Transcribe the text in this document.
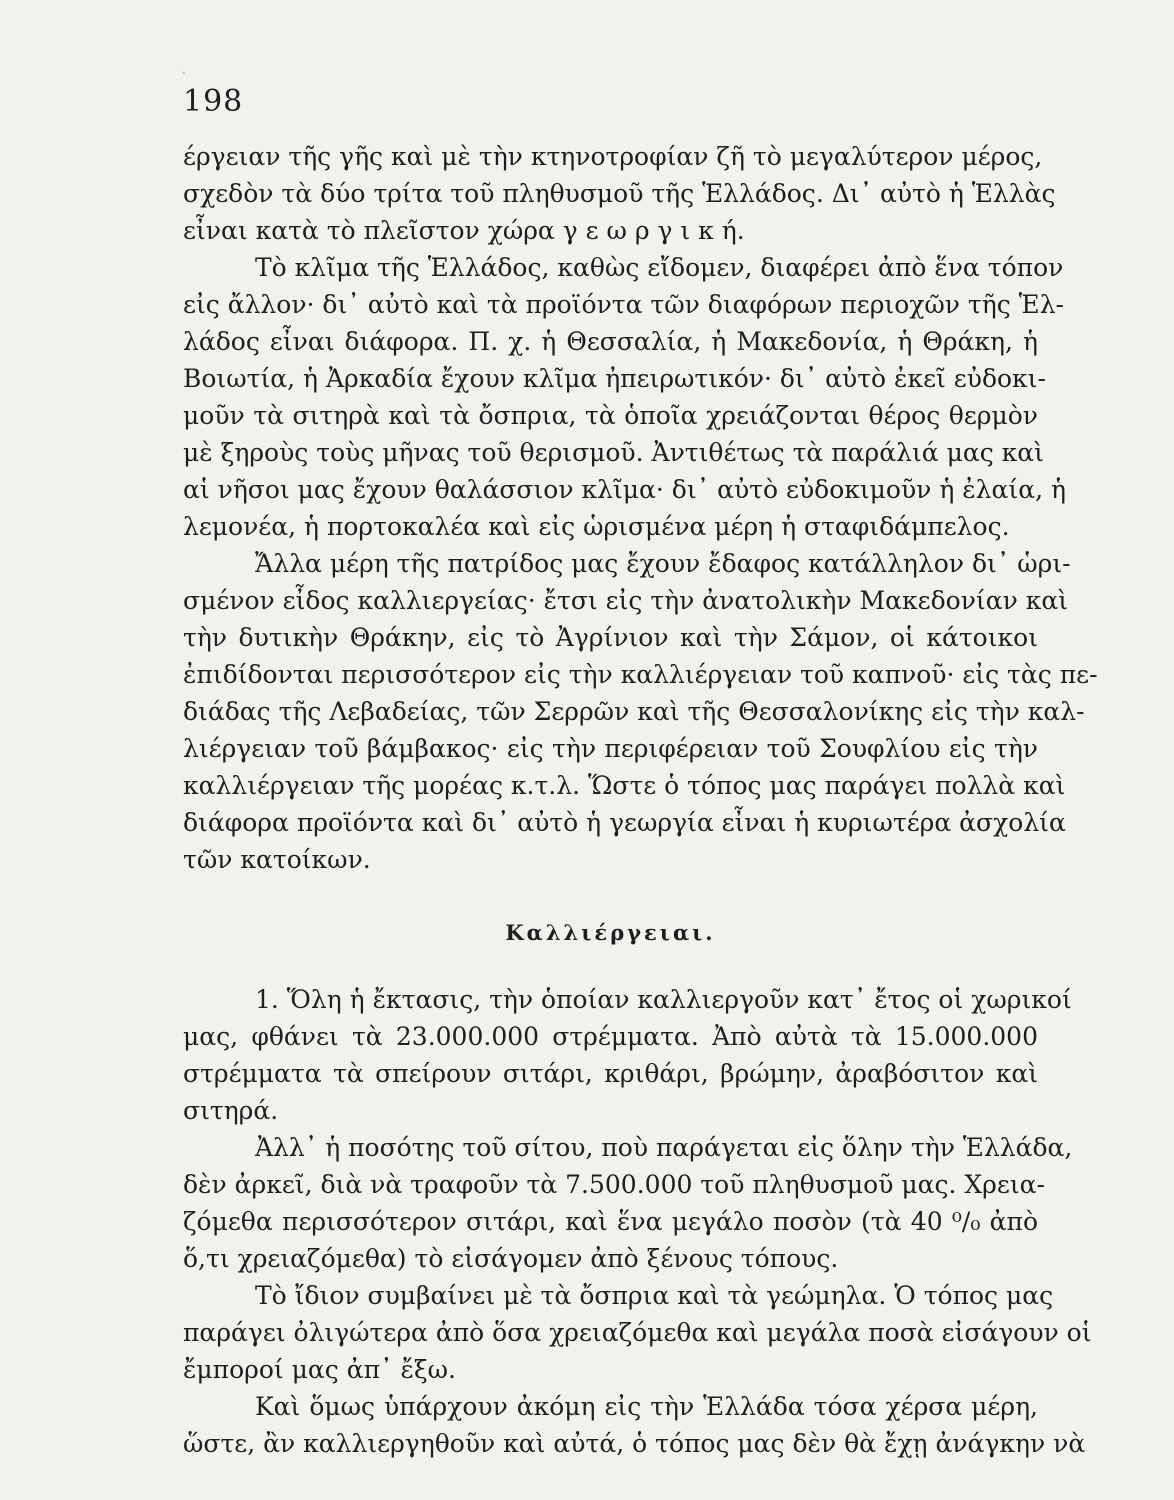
·
198
έργειαν τῆς γῆς καὶ μὲ τὴν κτηνοτροφίαν ζῆ τὸ μεγαλύτερον μέρος,
σχεδὸν τὰ δύο τρίτα τοῦ πληθυσμοῦ τῆς Ἑλλάδος. Δι᾽ αὐτὸ ἡ Ἑλλὰς
εἶναι κατὰ τὸ πλεῖστον χώρα γ ε ω ρ γ ι κ ή.
Τὸ κλῖμα τῆς Ἑλλάδος, καθὼς εἴδομεν, διαφέρει ἀπὸ ἕνα τόπον
εἰς ἄλλον· δι᾽ αὐτὸ καὶ τὰ προϊόντα τῶν διαφόρων περιοχῶν τῆς Ἑλ-
λάδος εἶναι διάφορα. Π. χ. ἡ Θεσσαλία, ἡ Μακεδονία, ἡ Θράκη, ἡ
Βοιωτία, ἡ Ἀρκαδία ἔχουν κλῖμα ἠπειρωτικόν· δι᾽ αὐτὸ ἐκεῖ εὐδοκι-
μοῦν τὰ σιτηρὰ καὶ τὰ ὄσπρια, τὰ ὁποῖα χρειάζονται θέρος θερμὸν
μὲ ξηροὺς τοὺς μῆνας τοῦ θερισμοῦ. Ἀντιθέτως τὰ παράλιά μας καὶ
αἱ νῆσοι μας ἔχουν θαλάσσιον κλῖμα· δι᾽ αὐτὸ εὐδοκιμοῦν ἡ ἐλαία, ἡ
λεμονέα, ἡ πορτοκαλέα καὶ εἰς ὡρισμένα μέρη ἡ σταφιδάμπελος.
Ἄλλα μέρη τῆς πατρίδος μας ἔχουν ἔδαφος κατάλληλον δι᾽ ὡρι-
σμένον εἶδος καλλιεργείας· ἔτσι εἰς τὴν ἀνατολικὴν Μακεδονίαν καὶ
τὴν δυτικὴν Θράκην, εἰς τὸ Ἀγρίνιον καὶ τὴν Σάμον, οἱ κάτοικοι
ἐπιδίδονται περισσότερον εἰς τὴν καλλιέργειαν τοῦ καπνοῦ· εἰς τὰς πε-
διάδας τῆς Λεβαδείας, τῶν Σερρῶν καὶ τῆς Θεσσαλονίκης εἰς τὴν καλ-
λιέργειαν τοῦ βάμβακος· εἰς τὴν περιφέρειαν τοῦ Σουφλίου εἰς τὴν
καλλιέργειαν τῆς μορέας κ.τ.λ. Ὥστε ὁ τόπος μας παράγει πολλὰ καὶ
διάφορα προϊόντα καὶ δι᾽ αὐτὸ ἡ γεωργία εἶναι ἡ κυριωτέρα ἀσχολία
τῶν κατοίκων.
Καλλιέργειαι.
1. Ὅλη ἡ ἔκτασις, τὴν ὁποίαν καλλιεργοῦν κατ᾽ ἔτος οἱ χωρικοί
μας, φθάνει τὰ 23.000.000 στρέμματα. Ἀπὸ αὐτὰ τὰ 15.000.000
στρέμματα τὰ σπείρουν σιτάρι, κριθάρι, βρώμην, ἀραβόσιτον καὶ
σιτηρά.
Ἀλλ᾽ ἡ ποσότης τοῦ σίτου, ποὺ παράγεται εἰς ὅλην τὴν Ἑλλάδα,
δὲν ἀρκεῖ, διὰ νὰ τραφοῦν τὰ 7.500.000 τοῦ πληθυσμοῦ μας. Χρεια-
ζόμεθα περισσότερον σιτάρι, καὶ ἕνα μεγάλο ποσὸν (τὰ 40 ⁰/₀ ἀπὸ
ὅ,τι χρειαζόμεθα) τὸ εἰσάγομεν ἀπὸ ξένους τόπους.
Τὸ ἴδιον συμβαίνει μὲ τὰ ὄσπρια καὶ τὰ γεώμηλα. Ὁ τόπος μας
παράγει ὀλιγώτερα ἀπὸ ὅσα χρειαζόμεθα καὶ μεγάλα ποσὰ εἰσάγουν οἱ
ἔμποροί μας ἀπ᾽ ἔξω.
Καὶ ὅμως ὑπάρχουν ἀκόμη εἰς τὴν Ἑλλάδα τόσα χέρσα μέρη,
ὥστε, ἂν καλλιεργηθοῦν καὶ αὐτά, ὁ τόπος μας δὲν θὰ ἔχῃ ἀνάγκην νὰ
